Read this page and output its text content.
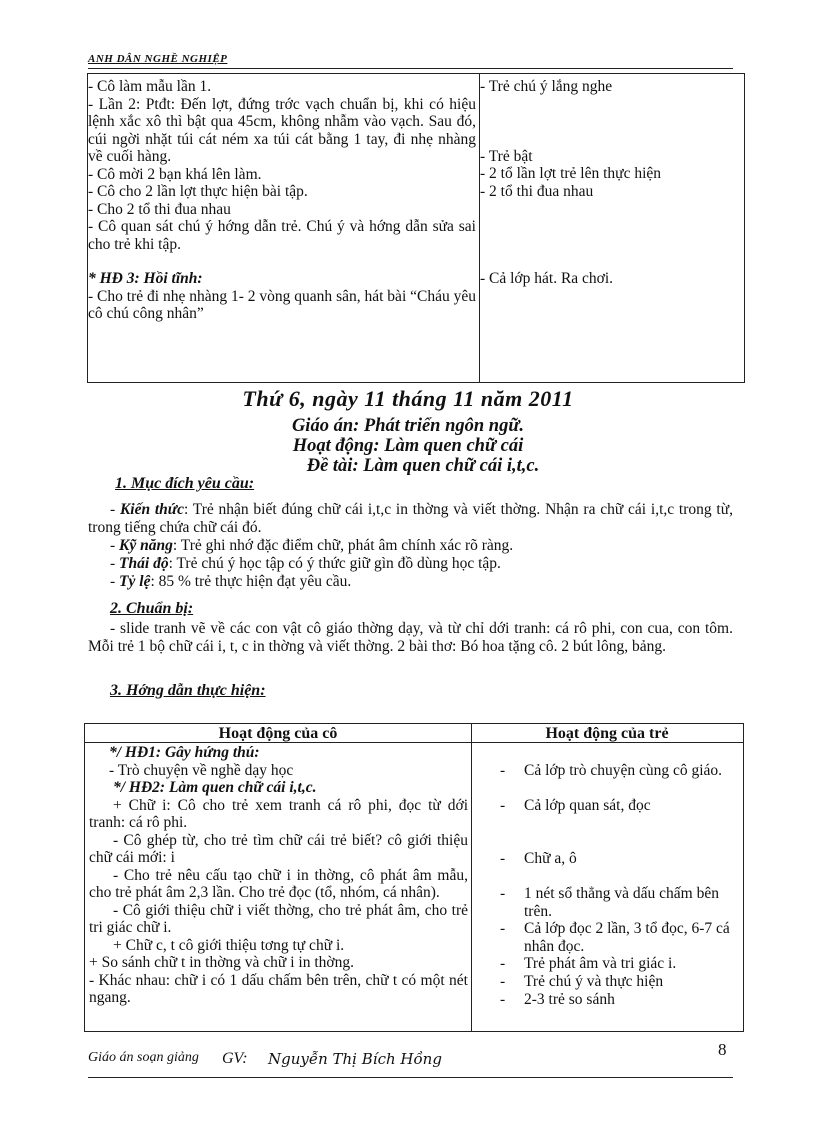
ANH DÂN NGHỀ NGHIỆP

- Cô làm mẫu lần 1.

- Lần 2: Ptđt: Đến lợt, đứng trớc vạch chuẩn bị, khi có hiệu lệnh xắc xô thì bật qua 45cm, không nhẫm vào vạch. Sau đó, cúi ngời nhặt túi cát ném xa túi cát bằng 1 tay, đi nhẹ nhàng về cuối hàng.

- Cô mời 2 bạn khá lên làm.

- Cô cho 2 lần lợt thực hiện bài tập.

- Cho 2 tổ thi đua nhau

- Cô quan sát chú ý hớng dẫn trẻ. Chú ý và hớng dẫn sửa sai cho trẻ khi tập.

* HĐ 3: Hồi tĩnh:

- Cho trẻ đi nhẹ nhàng 1- 2 vòng quanh sân, hát bài “Cháu yêu cô chú công nhân”

- Trẻ chú ý lắng nghe

- Trẻ bật

- 2 tổ lần lợt trẻ lên thực hiện

- 2 tổ thi đua nhau

- Cả lớp hát. Ra chơi.

Thứ 6, ngày 11 tháng 11 năm 2011
Giáo án: Phát triển ngôn ngữ.
Hoạt động: Làm quen chữ cái
Đề tài: Làm quen chữ cái i,t,c.
1. Mục đích yêu cầu:
- Kiến thức: Trẻ nhận biết đúng chữ cái i,t,c in thờng và viết thờng. Nhận ra chữ cái i,t,c trong từ, trong tiếng chứa chữ cái đó.
- Kỹ năng: Trẻ ghi nhớ đặc điểm chữ, phát âm chính xác rõ ràng.
- Thái độ: Trẻ chú ý học tập có ý thức giữ gìn đồ dùng học tập.
- Tỷ lệ: 85 % trẻ thực hiện đạt yêu cầu.
2. Chuẩn bị:
- slide tranh vẽ về các con vật cô giáo thờng dạy, và từ chỉ dới tranh: cá rô phi, con cua, con tôm. Mỗi trẻ 1 bộ chữ cái i, t, c in thờng và viết thờng. 2 bài thơ: Bó hoa tặng cô. 2 bút lông, bảng.
3. Hớng dẫn thực hiện:
Hoạt động của cô	Hoạt động của trẻ

*/ HĐ1: Gây hứng thú:

- Trò chuyện về nghề dạy học

*/ HĐ2: Làm quen chữ cái i,t,c.

+ Chữ i: Cô cho trẻ xem tranh cá rô phi, đọc từ dới tranh: cá rô phi.

- Cô ghép từ, cho trẻ tìm chữ cái trẻ biết? cô giới thiệu chữ cái mới: i

- Cho trẻ nêu cấu tạo chữ i in thờng, cô phát âm mẫu, cho trẻ phát âm 2,3 lần. Cho trẻ đọc (tổ, nhóm, cá nhân).

- Cô giới thiệu chữ i viết thờng, cho trẻ phát âm, cho trẻ tri giác chữ i.

+ Chữ c, t cô giới thiệu tơng tự chữ i.

+ So sánh chữ t in thờng và chữ i in thờng.

- Khác nhau: chữ i có 1 dấu chấm bên trên, chữ t có một nét ngang.

- Cả lớp trò chuyện cùng cô giáo.
- Cả lớp quan sát, đọc
- Chữ a, ô
- 1 nét sổ thẳng và dấu chấm bên trên.
- Cả lớp đọc 2 lần, 3 tổ đọc, 6-7 cá nhân đọc.
- Trẻ phát âm và tri giác i.
- Trẻ chú ý và thực hiện
- 2-3 trẻ so sánh
8
Giáo án soạn giảng GV: Nguyễn Thị Bích Hồng
